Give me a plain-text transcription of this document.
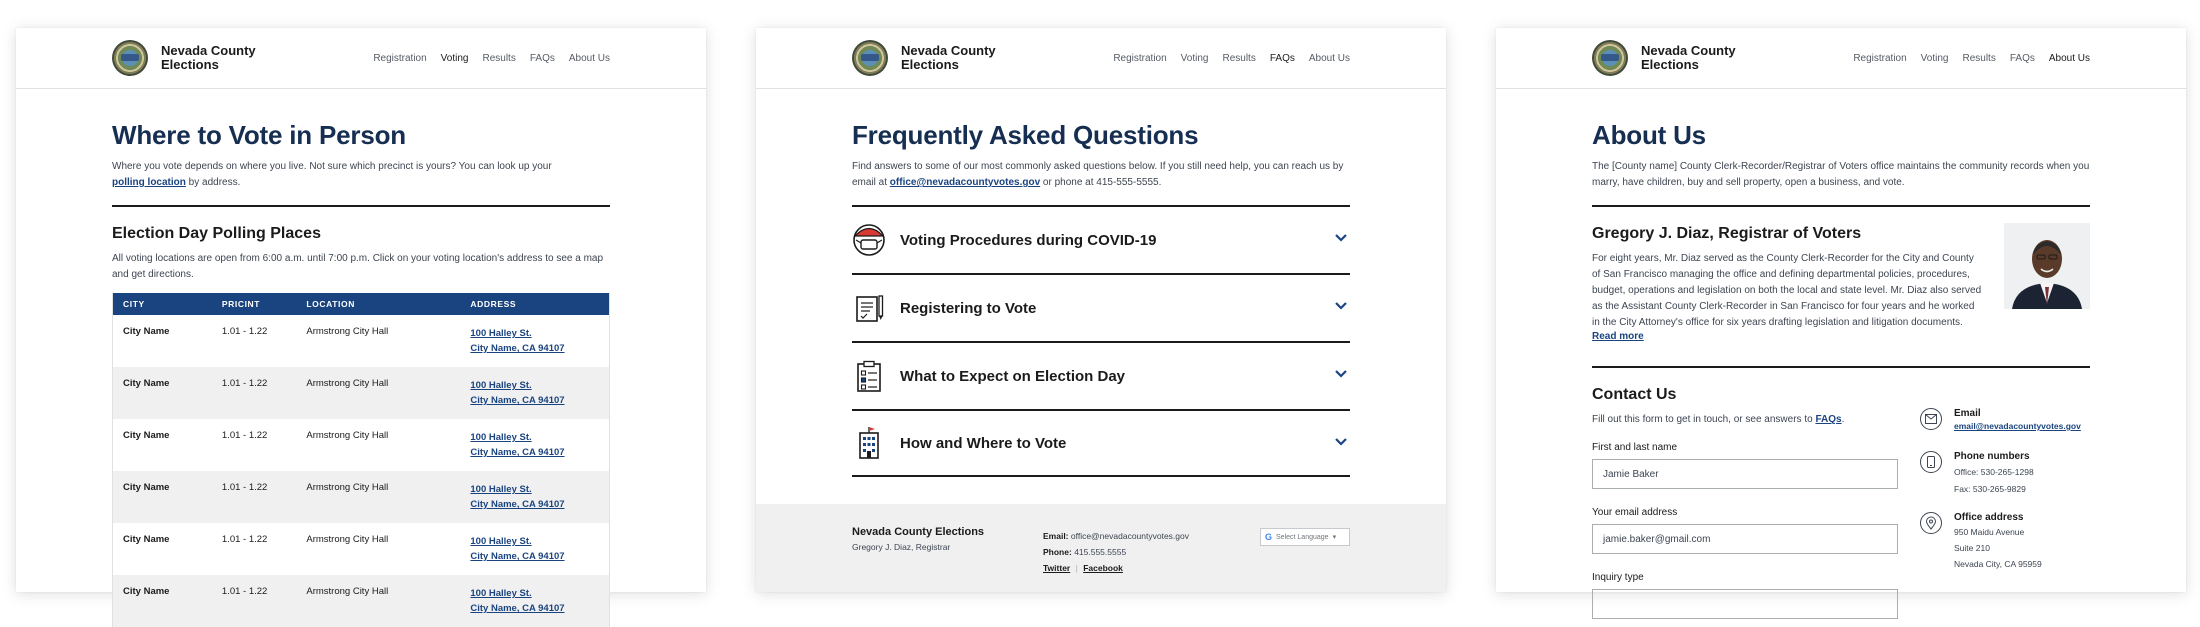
Nevada County Elections	Registration Voting Results FAQs About Us
Where to Vote in Person
Where you vote depends on where you live. Not sure which precinct is yours? You can look up your
polling location by address.
Election Day Polling Places
All voting locations are open from 6:00 a.m. until 7:00 p.m. Click on your voting location's address to see a map and get directions.
CITY	PRICINT	LOCATION	ADDRESS
City Name	1.01 - 1.22	Armstrong City Hall	100 Halley St.
City Name, CA 94107

City Name	1.01 - 1.22	Armstrong City Hall	100 Halley St.
City Name, CA 94107

City Name	1.01 - 1.22	Armstrong City Hall	100 Halley St.
City Name, CA 94107

City Name	1.01 - 1.22	Armstrong City Hall	100 Halley St.
City Name, CA 94107

City Name	1.01 - 1.22	Armstrong City Hall	100 Halley St.
City Name, CA 94107

City Name	1.01 - 1.22	Armstrong City Hall	100 Halley St.
City Name, CA 94107
Nevada County Elections	Registration Voting Results FAQs About Us
Frequently Asked Questions
Find answers to some of our most commonly asked questions below. If you still need help, you can reach us by email at office@nevadacountyvotes.gov or phone at 415-555-5555.
Voting Procedures during COVID-19
Registering to Vote
What to Expect on Election Day
How and Where to Vote
Nevada County Elections
Gregory J. Diaz, Registrar
Email: office@nevadacountyvotes.gov
Phone: 415.555.5555
Twitter | Facebook
G Select Language ▾
Nevada County Elections	Registration Voting Results FAQs About Us
About Us
The [County name] County Clerk-Recorder/Registrar of Voters office maintains the community records when you marry, have children, buy and sell property, open a business, and vote.
Gregory J. Diaz, Registrar of Voters
For eight years, Mr. Diaz served as the County Clerk-Recorder for the City and County of San Francisco managing the office and defining departmental policies, procedures, budget, operations and legislation on both the local and state level. Mr. Diaz also served as the Assistant County Clerk-Recorder in San Francisco for four years and he worked in the City Attorney's office for six years drafting legislation and litigation documents.
Read more
Contact Us
Fill out this form to get in touch, or see answers to FAQs.
First and last name
Jamie Baker
Your email address
jamie.baker@gmail.com
Inquiry type
Email
email@nevadacountyvotes.gov
Phone numbers
Office: 530-265-1298
Fax: 530-265-9829
Office address
950 Maidu Avenue
Suite 210
Nevada City, CA 95959
